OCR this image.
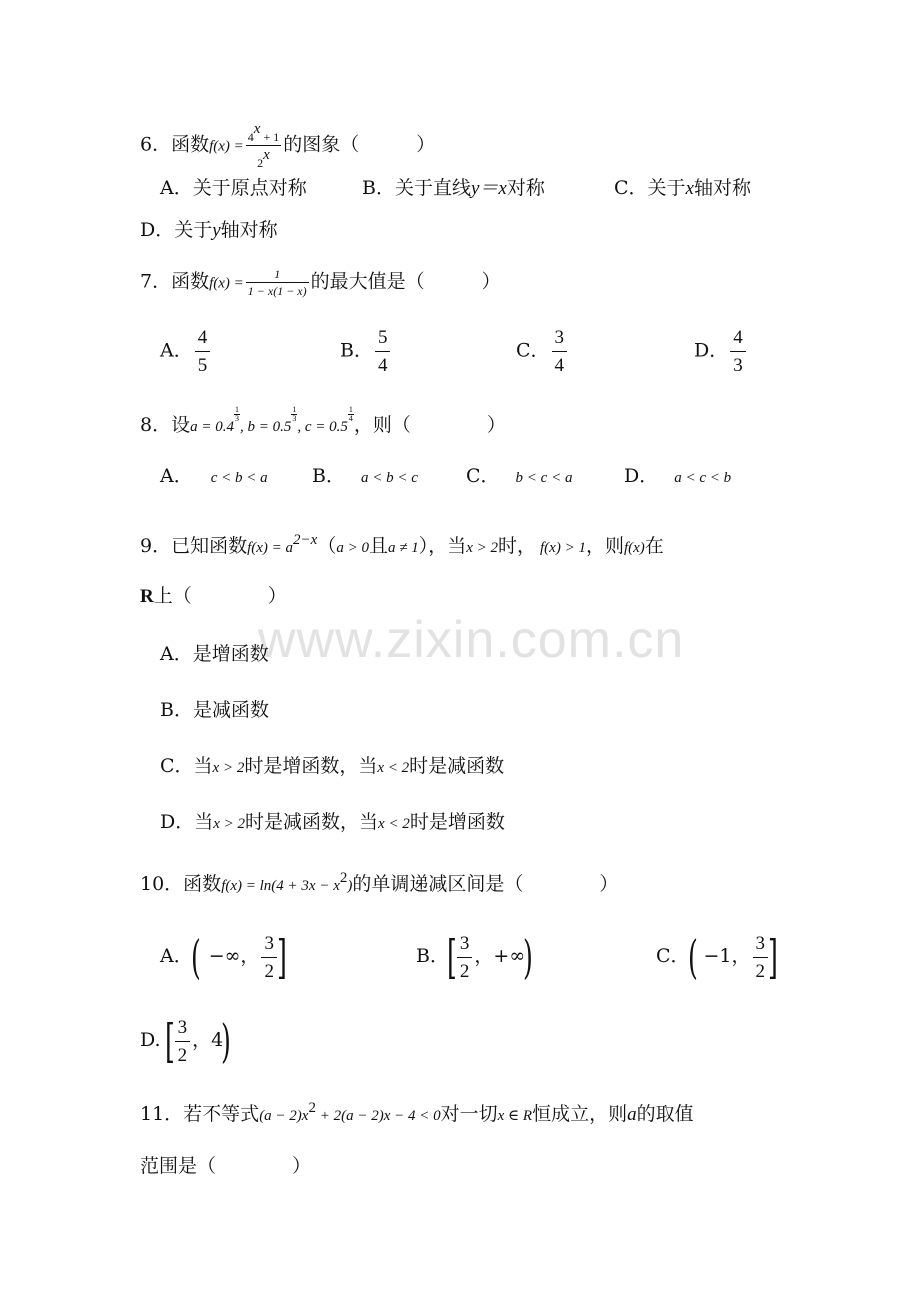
www.zixin.com.cn
6．函数$f(x) = \frac{4^x + 1}{2^x}$ 的图象（　　　）
A．关于原点对称	B．关于直线y＝x对称	C．关于x轴对称
D．关于y轴对称
7．函数$f(x) = \frac{1}{1 - x(1 - x)}$ 的最大值是（　　　）
A． $\frac{4}{5}$	B． $\frac{5}{4}$	C． $\frac{3}{4}$	D． $\frac{4}{3}$
8．设a = 0.4
$\frac{1}{3}$
, b = 0.5
$\frac{1}{3}$
, c = 0.5
$\frac{1}{4}$ ，则（　　　　）
A． c < b < a B． a < b < c	C． b < c < a	D． a < c < b
9．已知函数$f(x) = a^{2-x}(a > 0$且a ≠ 1），当x > 2时， f(x) > 1，则f(x)在
R上（　　　　）
A．是增函数
B．是减函数
C．当x > 2时是增函数，当x < 2时是减函数
D．当x > 2时是减函数，当x < 2时是增函数
10．函数$f(x) = \ln(4 + 3x - x^2)$的单调递减区间是（　　　　）
A．( −∞， $\frac{3}{2}$ ]	B．[ $\frac{3}{2}$ ，+∞)	C．( −1， $\frac{3}{2}$ ]
$D.[ \frac{3}{2}$ ，4)
11．若不等式$(a - 2)x^2 + 2(a - 2)x - 4 < 0$对一切x ∈ R恒成立，则a的取值
范围是（　　　　）
